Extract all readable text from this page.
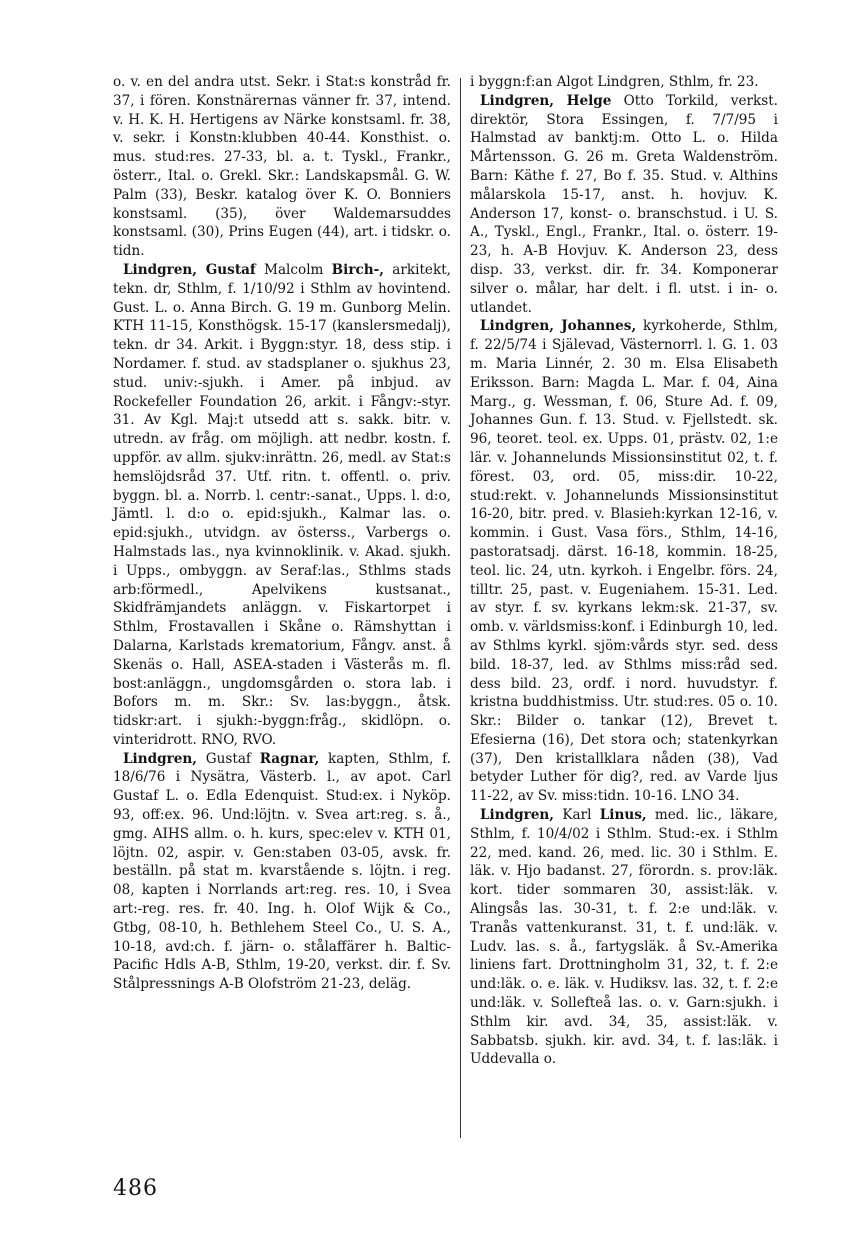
o. v. en del andra utst. Sekr. i Stat:s konstråd fr. 37, i fören. Konstnärernas vänner fr. 37, intend. v. H. K. H. Hertigens av Närke konstsaml. fr. 38, v. sekr. i Konstn:klubben 40-44. Konsthist. o. mus. stud:res. 27-33, bl. a. t. Tyskl., Frankr., österr., Ital. o. Grekl. Skr.: Landskapsmål. G. W. Palm (33), Beskr. katalog över K. O. Bonniers konstsaml. (35), över Waldemarsuddes konstsaml. (30), Prins Eugen (44), art. i tidskr. o. tidn.

Lindgren, Gustaf Malcolm Birch-, arkitekt, tekn. dr, Sthlm, f. 1/10/92 i Sthlm av hovintend. Gust. L. o. Anna Birch. G. 19 m. Gunborg Melin. KTH 11-15, Konsthögsk. 15-17 (kanslersmedalj), tekn. dr 34. Arkit. i Byggn:styr. 18, dess stip. i Nordamer. f. stud. av stadsplaner o. sjukhus 23, stud. univ:-sjukh. i Amer. på inbjud. av Rockefeller Foundation 26, arkit. i Fångv:-styr. 31. Av Kgl. Maj:t utsedd att s. sakk. bitr. v. utredn. av fråg. om möjligh. att nedbr. kostn. f. uppför. av allm. sjukv:inrättn. 26, medl. av Stat:s hemslöjdsråd 37. Utf. ritn. t. offentl. o. priv. byggn. bl. a. Norrb. l. centr:-sanat., Upps. l. d:o, Jämtl. l. d:o o. epid:sjukh., Kalmar las. o. epid:sjukh., utvidgn. av österss., Varbergs o. Halmstads las., nya kvinnoklinik. v. Akad. sjukh. i Upps., ombyggn. av Seraf:las., Sthlms stads arb:förmedl., Apelvikens kustsanat., Skidfrämjandets anläggn. v. Fiskartorpet i Sthlm, Frostavallen i Skåne o. Rämshyttan i Dalarna, Karlstads krematorium, Fångv. anst. å Skenäs o. Hall, ASEA-staden i Västerås m. fl. bost:anläggn., ungdomsgården o. stora lab. i Bofors m. m. Skr.: Sv. las:byggn., åtsk. tidskr:art. i sjukh:-byggn:fråg., skidlöpn. o. vinteridrott. RNO, RVO.

Lindgren, Gustaf Ragnar, kapten, Sthlm, f. 18/6/76 i Nysätra, Västerb. l., av apot. Carl Gustaf L. o. Edla Edenquist. Stud:ex. i Nyköp. 93, off:ex. 96. Und:löjtn. v. Svea art:reg. s. å., gmg. AIHS allm. o. h. kurs, spec:elev v. KTH 01, löjtn. 02, aspir. v. Gen:staben 03-05, avsk. fr. beställn. på stat m. kvarstående s. löjtn. i reg. 08, kapten i Norrlands art:reg. res. 10, i Svea art:-reg. res. fr. 40. Ing. h. Olof Wijk & Co., Gtbg, 08-10, h. Bethlehem Steel Co., U. S. A., 10-18, avd:ch. f. järn- o. stålaffärer h. Baltic-Pacific Hdls A-B, Sthlm, 19-20, verkst. dir. f. Sv. Stålpressnings A-B Olofström 21-23, deläg.

i byggn:f:an Algot Lindgren, Sthlm, fr. 23.

Lindgren, Helge Otto Torkild, verkst. direktör, Stora Essingen, f. 7/7/95 i Halmstad av banktj:m. Otto L. o. Hilda Mårtensson. G. 26 m. Greta Waldenström. Barn: Käthe f. 27, Bo f. 35. Stud. v. Althins målarskola 15-17, anst. h. hovjuv. K. Anderson 17, konst- o. branschstud. i U. S. A., Tyskl., Engl., Frankr., Ital. o. österr. 19-23, h. A-B Hovjuv. K. Anderson 23, dess disp. 33, verkst. dir. fr. 34. Komponerar silver o. målar, har delt. i fl. utst. i in- o. utlandet.

Lindgren, Johannes, kyrkoherde, Sthlm, f. 22/5/74 i Själevad, Västernorrl. l. G. 1. 03 m. Maria Linnér, 2. 30 m. Elsa Elisabeth Eriksson. Barn: Magda L. Mar. f. 04, Aina Marg., g. Wessman, f. 06, Sture Ad. f. 09, Johannes Gun. f. 13. Stud. v. Fjellstedt. sk. 96, teoret. teol. ex. Upps. 01, prästv. 02, 1:e lär. v. Johannelunds Missionsinstitut 02, t. f. förest. 03, ord. 05, miss:dir. 10-22, stud:rekt. v. Johannelunds Missionsinstitut 16-20, bitr. pred. v. Blasieh:kyrkan 12-16, v. kommin. i Gust. Vasa förs., Sthlm, 14-16, pastoratsadj. därst. 16-18, kommin. 18-25, teol. lic. 24, utn. kyrkoh. i Engelbr. förs. 24, tilltr. 25, past. v. Eugeniahem. 15-31. Led. av styr. f. sv. kyrkans lekm:sk. 21-37, sv. omb. v. världsmiss:konf. i Edinburgh 10, led. av Sthlms kyrkl. sjöm:vårds styr. sed. dess bild. 18-37, led. av Sthlms miss:råd sed. dess bild. 23, ordf. i nord. huvudstyr. f. kristna buddhistmiss. Utr. stud:res. 05 o. 10. Skr.: Bilder o. tankar (12), Brevet t. Efesierna (16), Det stora och; statenkyrkan (37), Den kristallklara nåden (38), Vad betyder Luther för dig?, red. av Varde ljus 11-22, av Sv. miss:tidn. 10-16. LNO 34.

Lindgren, Karl Linus, med. lic., läkare, Sthlm, f. 10/4/02 i Sthlm. Stud:-ex. i Sthlm 22, med. kand. 26, med. lic. 30 i Sthlm. E. läk. v. Hjo badanst. 27, förordn. s. prov:läk. kort. tider sommaren 30, assist:läk. v. Alingsås las. 30-31, t. f. 2:e und:läk. v. Tranås vattenkuranst. 31, t. f. und:läk. v. Ludv. las. s. å., fartygsläk. å Sv.-Amerika liniens fart. Drottningholm 31, 32, t. f. 2:e und:läk. o. e. läk. v. Hudiksv. las. 32, t. f. 2:e und:läk. v. Sollefteå las. o. v. Garn:sjukh. i Sthlm kir. avd. 34, 35, assist:läk. v. Sabbatsb. sjukh. kir. avd. 34, t. f. las:läk. i Uddevalla o.

486
